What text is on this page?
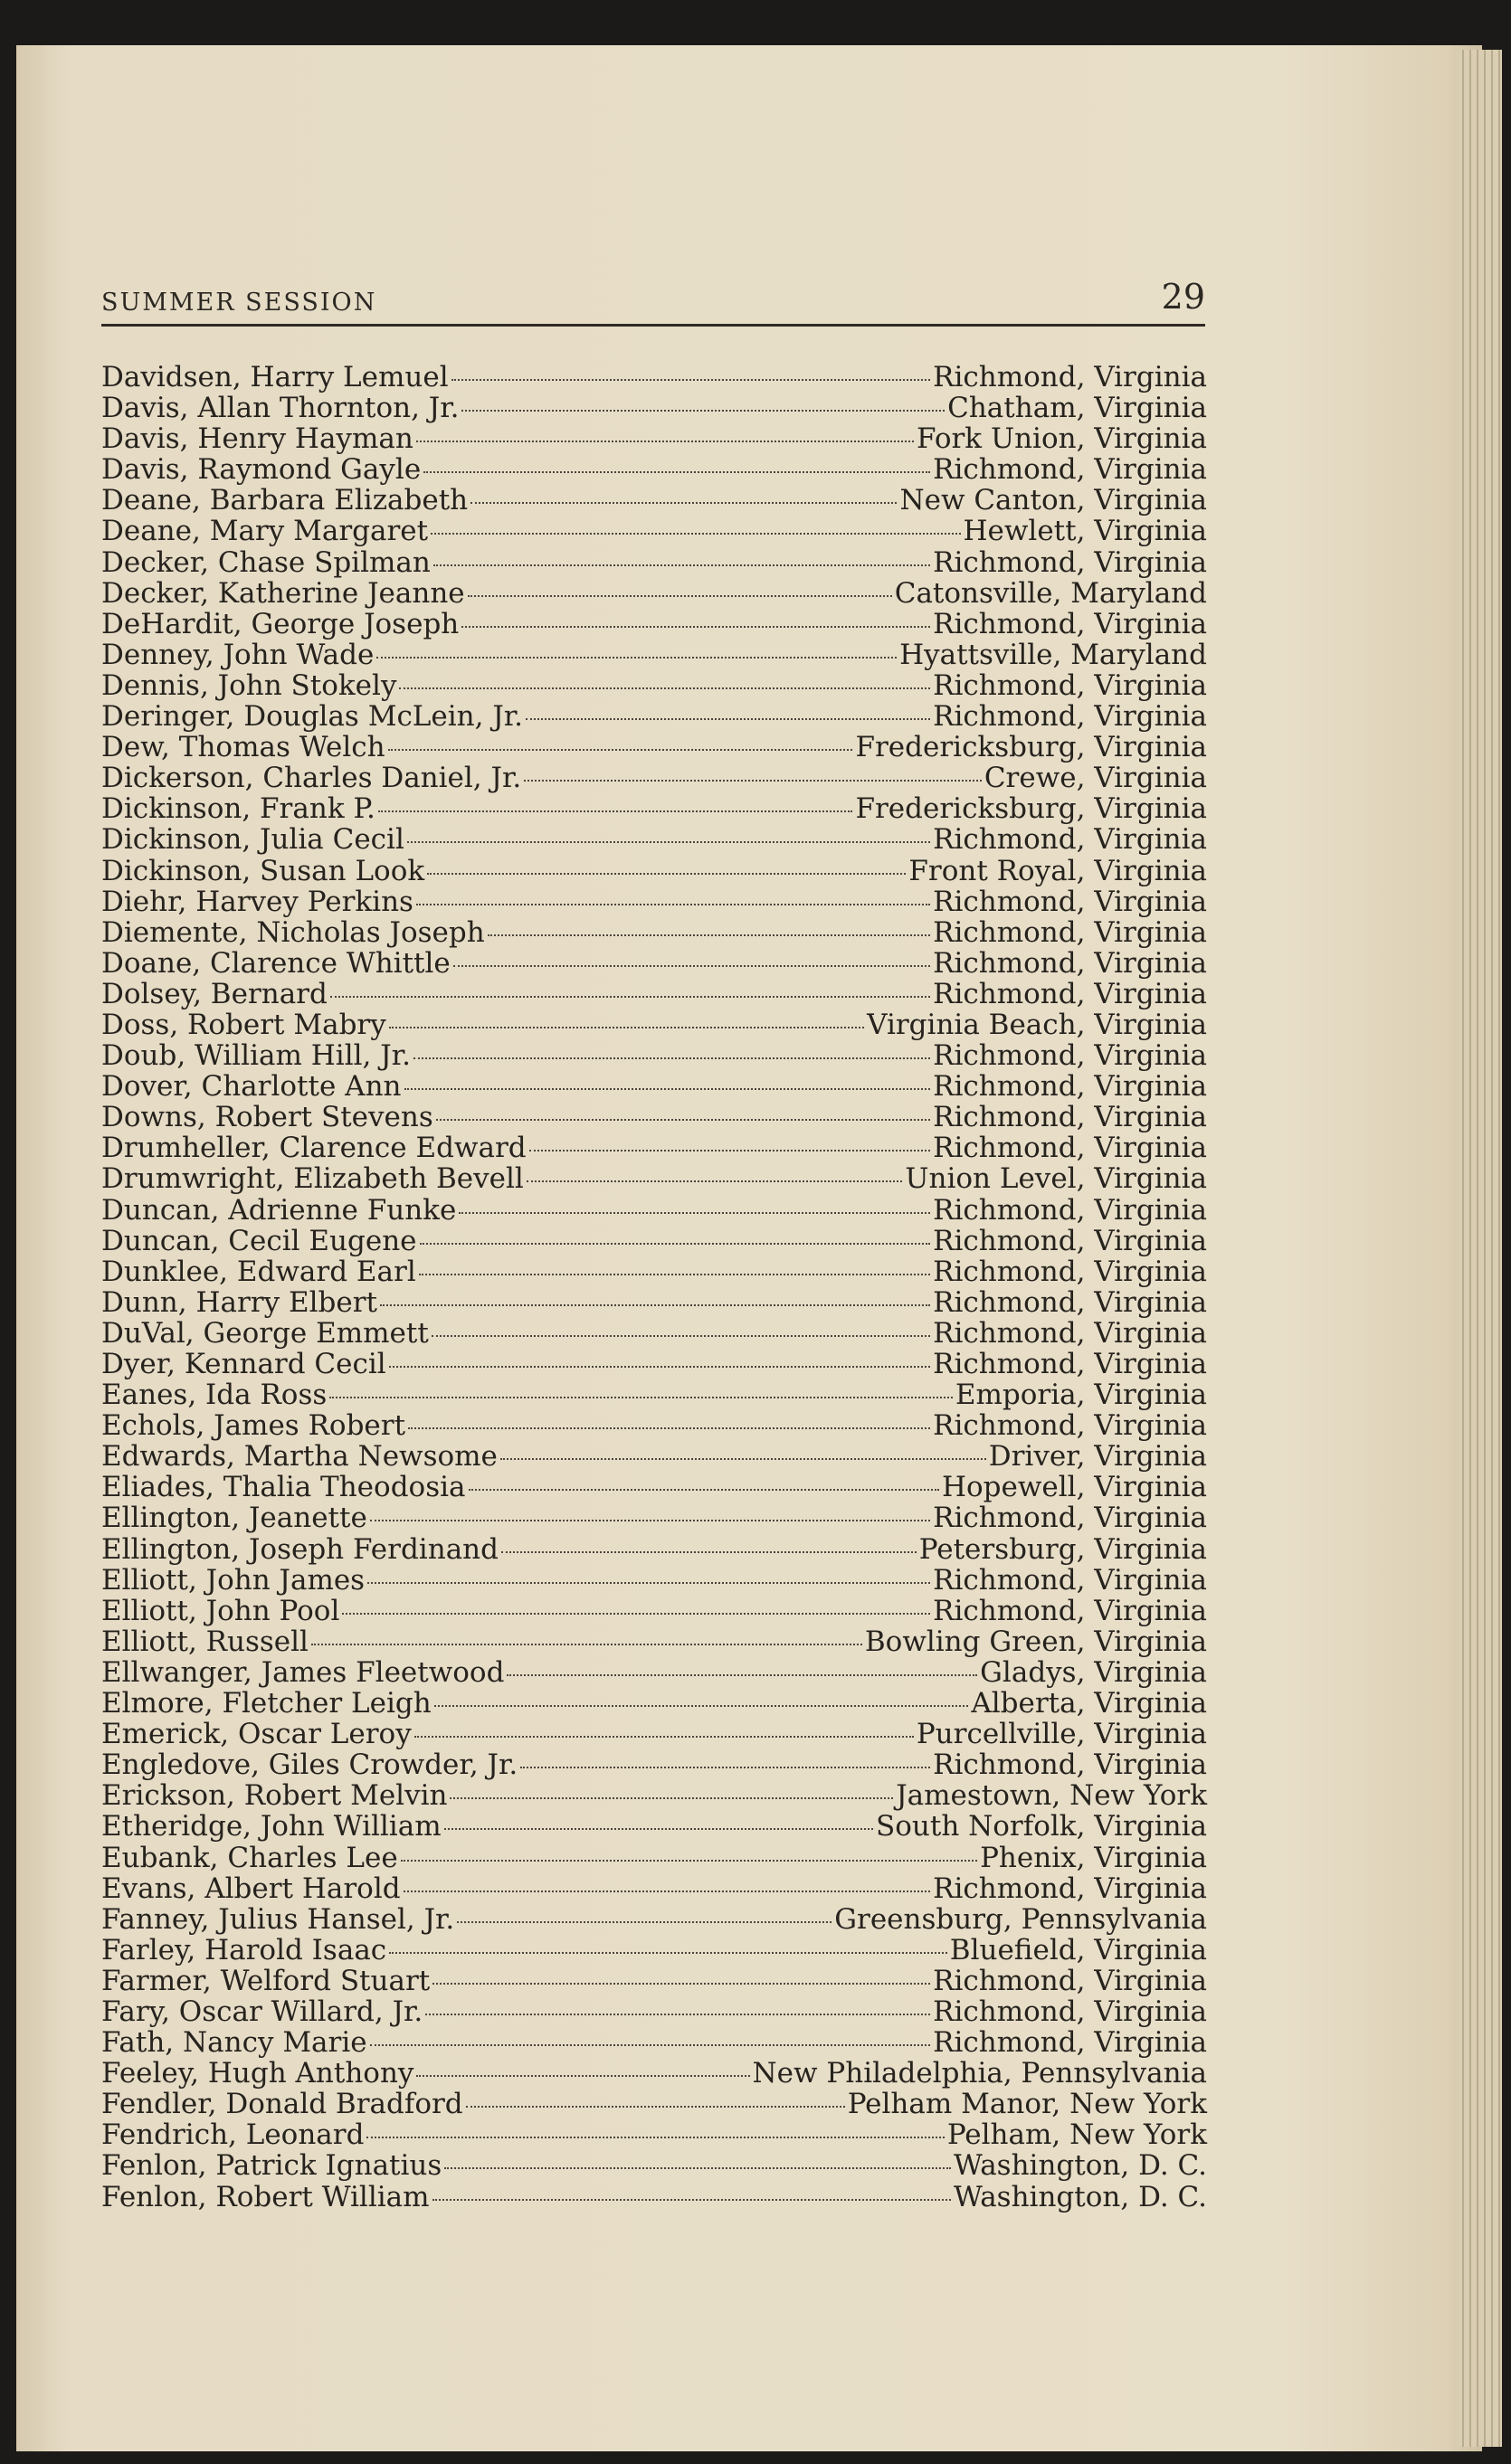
SUMMER SESSION	29
Davidsen, Harry Lemuel	Richmond, Virginia
Davis, Allan Thornton, Jr.	Chatham, Virginia
Davis, Henry Hayman	Fork Union, Virginia
Davis, Raymond Gayle	Richmond, Virginia
Deane, Barbara Elizabeth	New Canton, Virginia
Deane, Mary Margaret	Hewlett, Virginia
Decker, Chase Spilman	Richmond, Virginia
Decker, Katherine Jeanne	Catonsville, Maryland
DeHardit, George Joseph	Richmond, Virginia
Denney, John Wade	Hyattsville, Maryland
Dennis, John Stokely	Richmond, Virginia
Deringer, Douglas McLein, Jr.	Richmond, Virginia
Dew, Thomas Welch	Fredericksburg, Virginia
Dickerson, Charles Daniel, Jr.	Crewe, Virginia
Dickinson, Frank P.	Fredericksburg, Virginia
Dickinson, Julia Cecil	Richmond, Virginia
Dickinson, Susan Look	Front Royal, Virginia
Diehr, Harvey Perkins	Richmond, Virginia
Diemente, Nicholas Joseph	Richmond, Virginia
Doane, Clarence Whittle	Richmond, Virginia
Dolsey, Bernard	Richmond, Virginia
Doss, Robert Mabry	Virginia Beach, Virginia
Doub, William Hill, Jr.	Richmond, Virginia
Dover, Charlotte Ann	Richmond, Virginia
Downs, Robert Stevens	Richmond, Virginia
Drumheller, Clarence Edward	Richmond, Virginia
Drumwright, Elizabeth Bevell	Union Level, Virginia
Duncan, Adrienne Funke	Richmond, Virginia
Duncan, Cecil Eugene	Richmond, Virginia
Dunklee, Edward Earl	Richmond, Virginia
Dunn, Harry Elbert	Richmond, Virginia
DuVal, George Emmett	Richmond, Virginia
Dyer, Kennard Cecil	Richmond, Virginia
Eanes, Ida Ross	Emporia, Virginia
Echols, James Robert	Richmond, Virginia
Edwards, Martha Newsome	Driver, Virginia
Eliades, Thalia Theodosia	Hopewell, Virginia
Ellington, Jeanette	Richmond, Virginia
Ellington, Joseph Ferdinand	Petersburg, Virginia
Elliott, John James	Richmond, Virginia
Elliott, John Pool	Richmond, Virginia
Elliott, Russell	Bowling Green, Virginia
Ellwanger, James Fleetwood	Gladys, Virginia
Elmore, Fletcher Leigh	Alberta, Virginia
Emerick, Oscar Leroy	Purcellville, Virginia
Engledove, Giles Crowder, Jr.	Richmond, Virginia
Erickson, Robert Melvin	Jamestown, New York
Etheridge, John William	South Norfolk, Virginia
Eubank, Charles Lee	Phenix, Virginia
Evans, Albert Harold	Richmond, Virginia
Fanney, Julius Hansel, Jr.	Greensburg, Pennsylvania
Farley, Harold Isaac	Bluefield, Virginia
Farmer, Welford Stuart	Richmond, Virginia
Fary, Oscar Willard, Jr.	Richmond, Virginia
Fath, Nancy Marie	Richmond, Virginia
Feeley, Hugh Anthony	New Philadelphia, Pennsylvania
Fendler, Donald Bradford	Pelham Manor, New York
Fendrich, Leonard	Pelham, New York
Fenlon, Patrick Ignatius	Washington, D. C.
Fenlon, Robert William	Washington, D. C.
